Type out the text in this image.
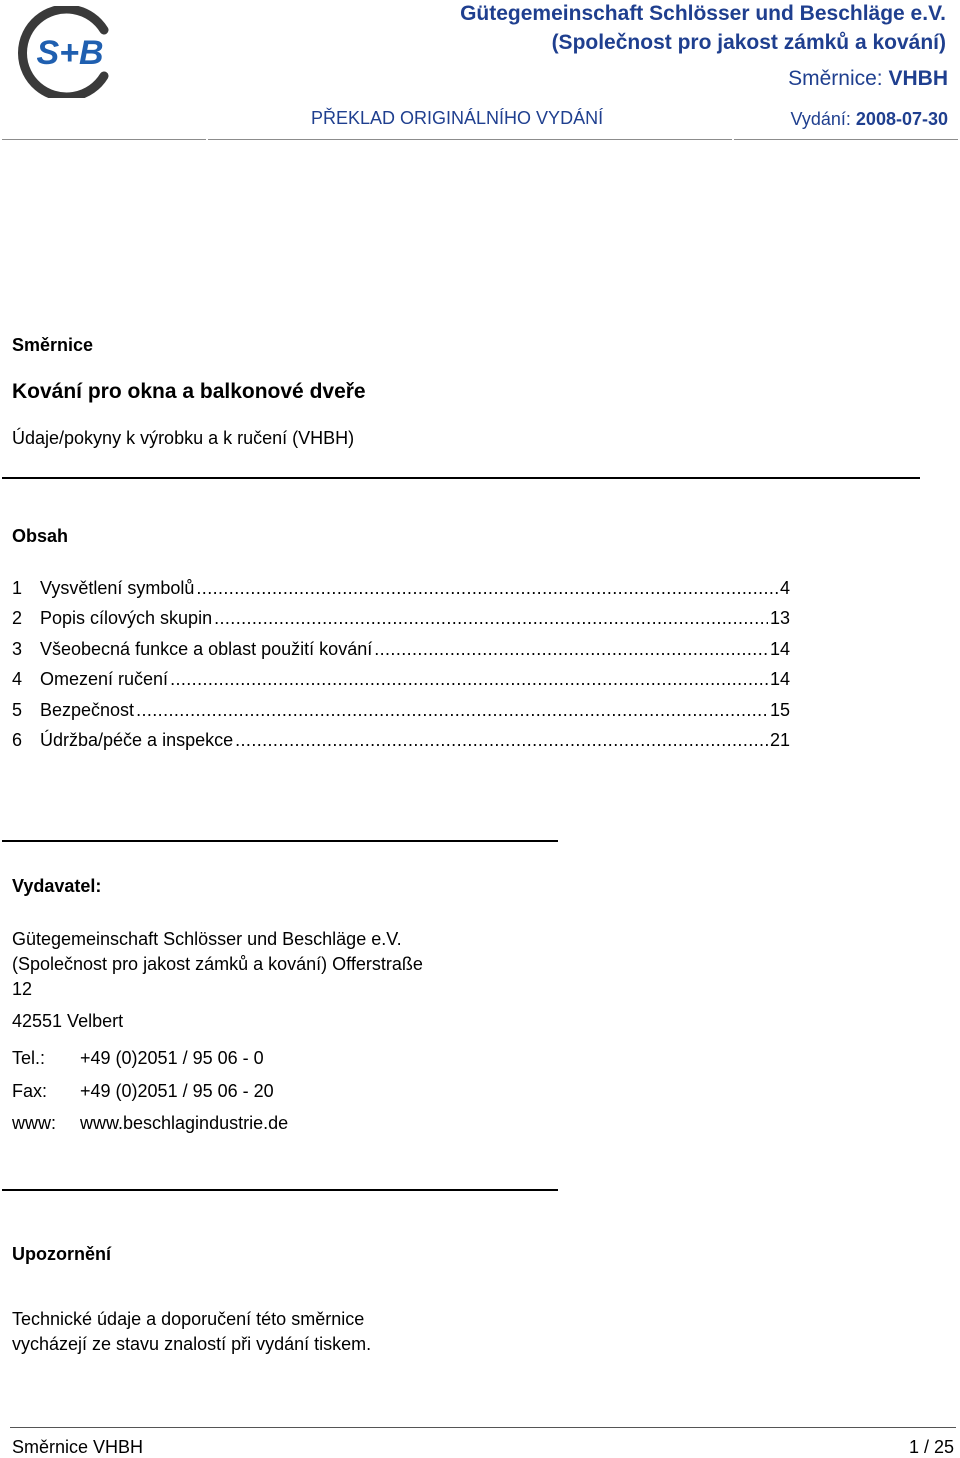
S+B
Gütegemeinschaft Schlösser und Beschläge e.V.
(Společnost pro jakost zámků a kování)
Směrnice: VHBH
PŘEKLAD ORIGINÁLNÍHO VYDÁNÍ	Vydání: 2008-07-30
Směrnice
Kování pro okna a balkonové dveře
Údaje/pokyny k výrobku a k ručení (VHBH)
Obsah
1 Vysvětlení symbolů .....	4
2 Popis cílových skupin .....	13
3 Všeobecná funkce a oblast použití kování .....	14
4 Omezení ručení .....	14
5 Bezpečnost .....	15
6 Údržba/péče a inspekce .....	21
Vydavatel:
Gütegemeinschaft Schlösser und Beschläge e.V.
(Společnost pro jakost zámků a kování) Offerstraße
12
42551 Velbert
Tel.: +49 (0)2051 / 95 06 - 0
Fax: +49 (0)2051 / 95 06 - 20
www: www.beschlagindustrie.de
Upozornění
Technické údaje a doporučení této směrnice
vycházejí ze stavu znalostí při vydání tiskem.
Směrnice VHBH	1 / 25
